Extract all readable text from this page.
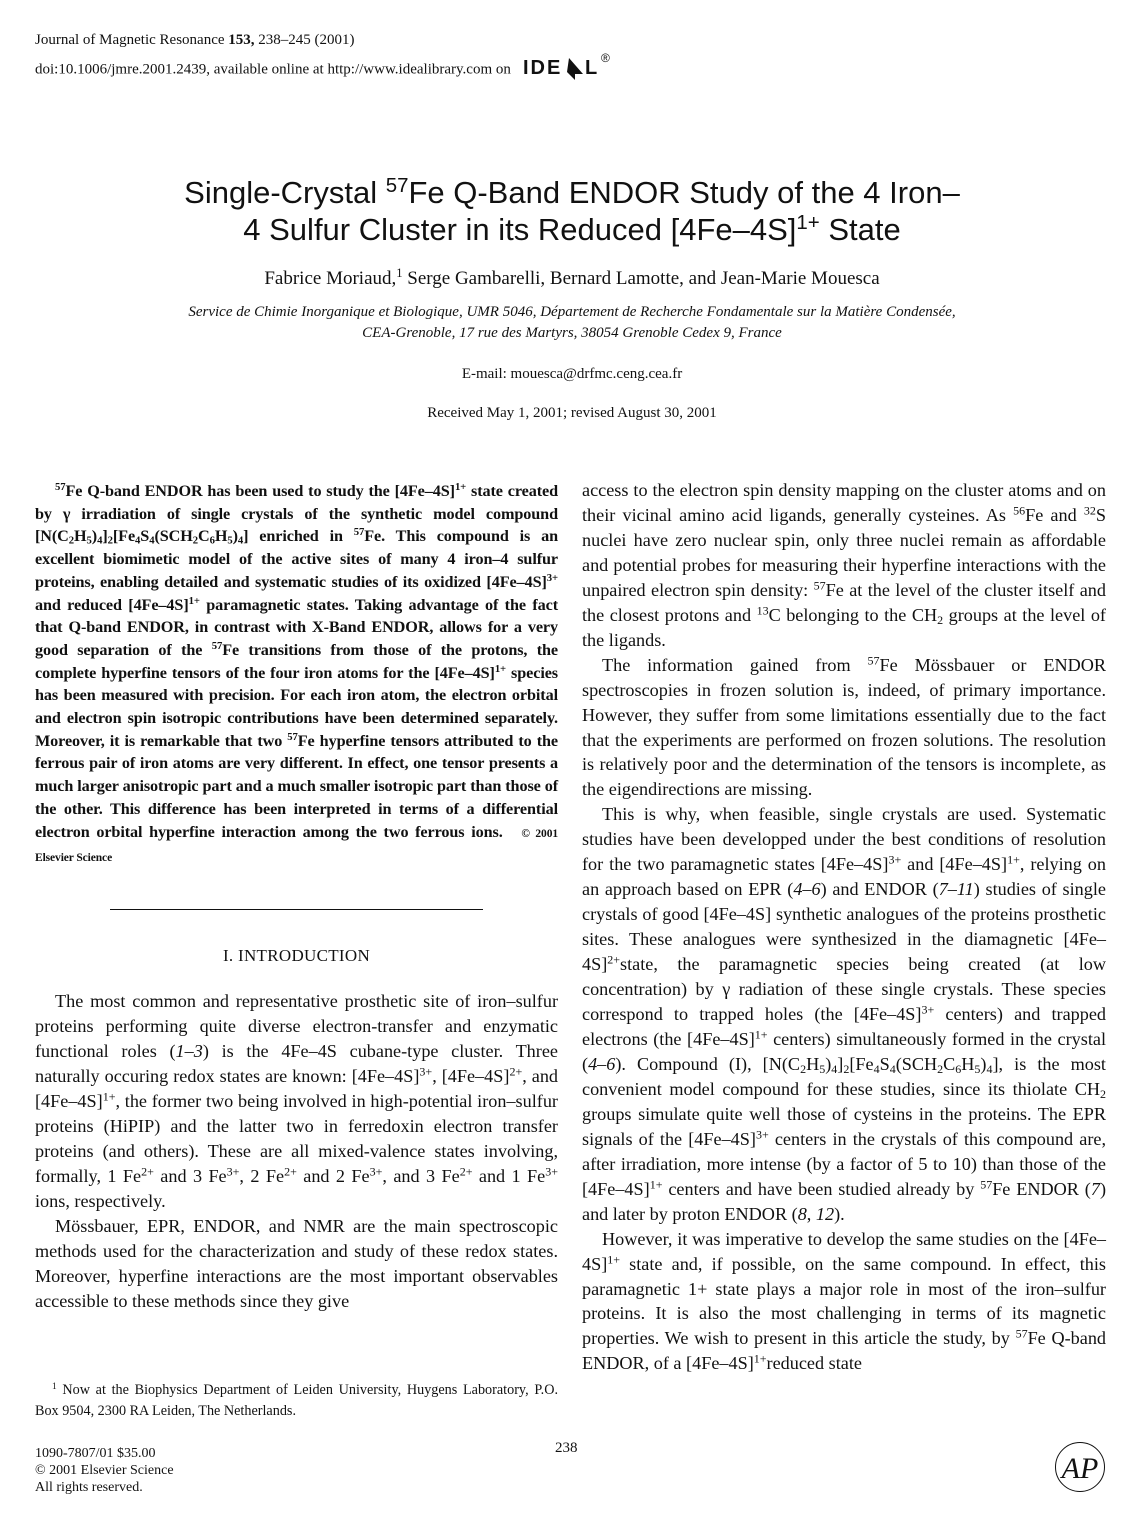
Journal of Magnetic Resonance 153, 238–245 (2001)
doi:10.1006/jmre.2001.2439, available online at http://www.idealibrary.com on IDE L ®
Single-Crystal $^{57}$Fe Q-Band ENDOR Study of the 4 Iron–
4 Sulfur Cluster in its Reduced $[4Fe-4S]^{1+}$ State
Fabrice Moriaud,$^1$ Serge Gambarelli, Bernard Lamotte, and Jean-Marie Mouesca
Service de Chimie Inorganique et Biologique, UMR 5046, Département de Recherche Fondamentale sur la Matière Condensée,
CEA-Grenoble, 17 rue des Martyrs, 38054 Grenoble Cedex 9, France
E-mail: mouesca@drfmc.ceng.cea.fr
Received May 1, 2001; revised August 30, 2001

$^{57}$Fe Q-band ENDOR has been used to study the $[4Fe-4S]^{1+}$ state created by γ irradiation of single crystals of the synthetic model compound $[N(C_2H_5)_4]_2[Fe_4S_4(SCH_2C_6H_5)_4]$ enriched in $^{57}$Fe. This compound is an excellent biomimetic model of the active sites of many 4 iron–4 sulfur proteins, enabling detailed and systematic studies of its oxidized $[4Fe-4S]^{3+}$ and reduced $[4Fe-4S]^{1+}$ paramagnetic states. Taking advantage of the fact that Q-band ENDOR, in contrast with X-Band ENDOR, allows for a very good separation of the $^{57}$Fe transitions from those of the protons, the complete hyperfine tensors of the four iron atoms for the $[4Fe-4S]^{1+}$ species has been measured with precision. For each iron atom, the electron orbital and electron spin isotropic contributions have been determined separately. Moreover, it is remarkable that two $^{57}$Fe hyperfine tensors attributed to the ferrous pair of iron atoms are very different. In effect, one tensor presents a much larger anisotropic part and a much smaller isotropic part than those of the other. This difference has been interpreted in terms of a differential electron orbital hyperfine interaction among the two ferrous ions. © 2001 Elsevier Science

I. INTRODUCTION

The most common and representative prosthetic site of iron–sulfur proteins performing quite diverse electron-transfer and enzymatic functional roles (1–3) is the 4Fe–4S cubane-type cluster. Three naturally occuring redox states are known: $[4Fe-4S]^{3+}$, $[4Fe-4S]^{2+}$, and $[4Fe-4S]^{1+}$, the former two being involved in high-potential iron–sulfur proteins (HiPIP) and the latter two in ferredoxin electron transfer proteins (and others). These are all mixed-valence states involving, formally, 1 $Fe^{2+}$ and 3 $Fe^{3+}$, 2 $Fe^{2+}$ and 2 $Fe^{3+}$, and 3 $Fe^{2+}$ and 1 $Fe^{3+}$ ions, respectively.

Mössbauer, EPR, ENDOR, and NMR are the main spectroscopic methods used for the characterization and study of these redox states. Moreover, hyperfine interactions are the most important observables accessible to these methods since they give

access to the electron spin density mapping on the cluster atoms and on their vicinal amino acid ligands, generally cysteines. As $^{56}$Fe and $^{32}$S nuclei have zero nuclear spin, only three nuclei remain as affordable and potential probes for measuring their hyperfine interactions with the unpaired electron spin density: $^{57}$Fe at the level of the cluster itself and the closest protons and $^{13}$C belonging to the $CH_2$ groups at the level of the ligands.

The information gained from $^{57}$Fe Mössbauer or ENDOR spectroscopies in frozen solution is, indeed, of primary importance. However, they suffer from some limitations essentially due to the fact that the experiments are performed on frozen solutions. The resolution is relatively poor and the determination of the tensors is incomplete, as the eigendirections are missing.

This is why, when feasible, single crystals are used. Systematic studies have been developped under the best conditions of resolution for the two paramagnetic states $[4Fe-4S]^{3+}$ and $[4Fe-4S]^{1+}$, relying on an approach based on EPR (4–6) and ENDOR (7–11) studies of single crystals of good [4Fe–4S] synthetic analogues of the proteins prosthetic sites. These analogues were synthesized in the diamagnetic $[4Fe-4S]^{2+}state$, the paramagnetic species being created (at low concentration) by γ radiation of these single crystals. These species correspond to trapped holes (the $[4Fe-4S]^{3+}$ centers) and trapped electrons (the $[4Fe-4S]^{1+}$ centers) simultaneously formed in the crystal (4–6). Compound (I), $[N(C_2H_5)_4]_2[Fe_4S_4(SCH_2C_6H_5)_4]$, is the most convenient model compound for these studies, since its thiolate $CH_2$ groups simulate quite well those of cysteins in the proteins. The EPR signals of the $[4Fe-4S]^{3+}$ centers in the crystals of this compound are, after irradiation, more intense (by a factor of 5 to 10) than those of the $[4Fe-4S]^{1+}$ centers and have been studied already by $^{57}$Fe ENDOR (7) and later by proton ENDOR (8, 12).

However, it was imperative to develop the same studies on the $[4Fe-4S]^{1+}$ state and, if possible, on the same compound. In effect, this paramagnetic 1+ state plays a major role in most of the iron–sulfur proteins. It is also the most challenging in terms of its magnetic properties. We wish to present in this article the study, by $^{57}$Fe Q-band ENDOR, of a $[4Fe-4S]^{1+}reduced$ state

$^1$ Now at the Biophysics Department of Leiden University, Huygens Laboratory, P.O. Box 9504, 2300 RA Leiden, The Netherlands.
1090-7807/01 $35.00
© 2001 Elsevier Science
All rights reserved.
238
AP
